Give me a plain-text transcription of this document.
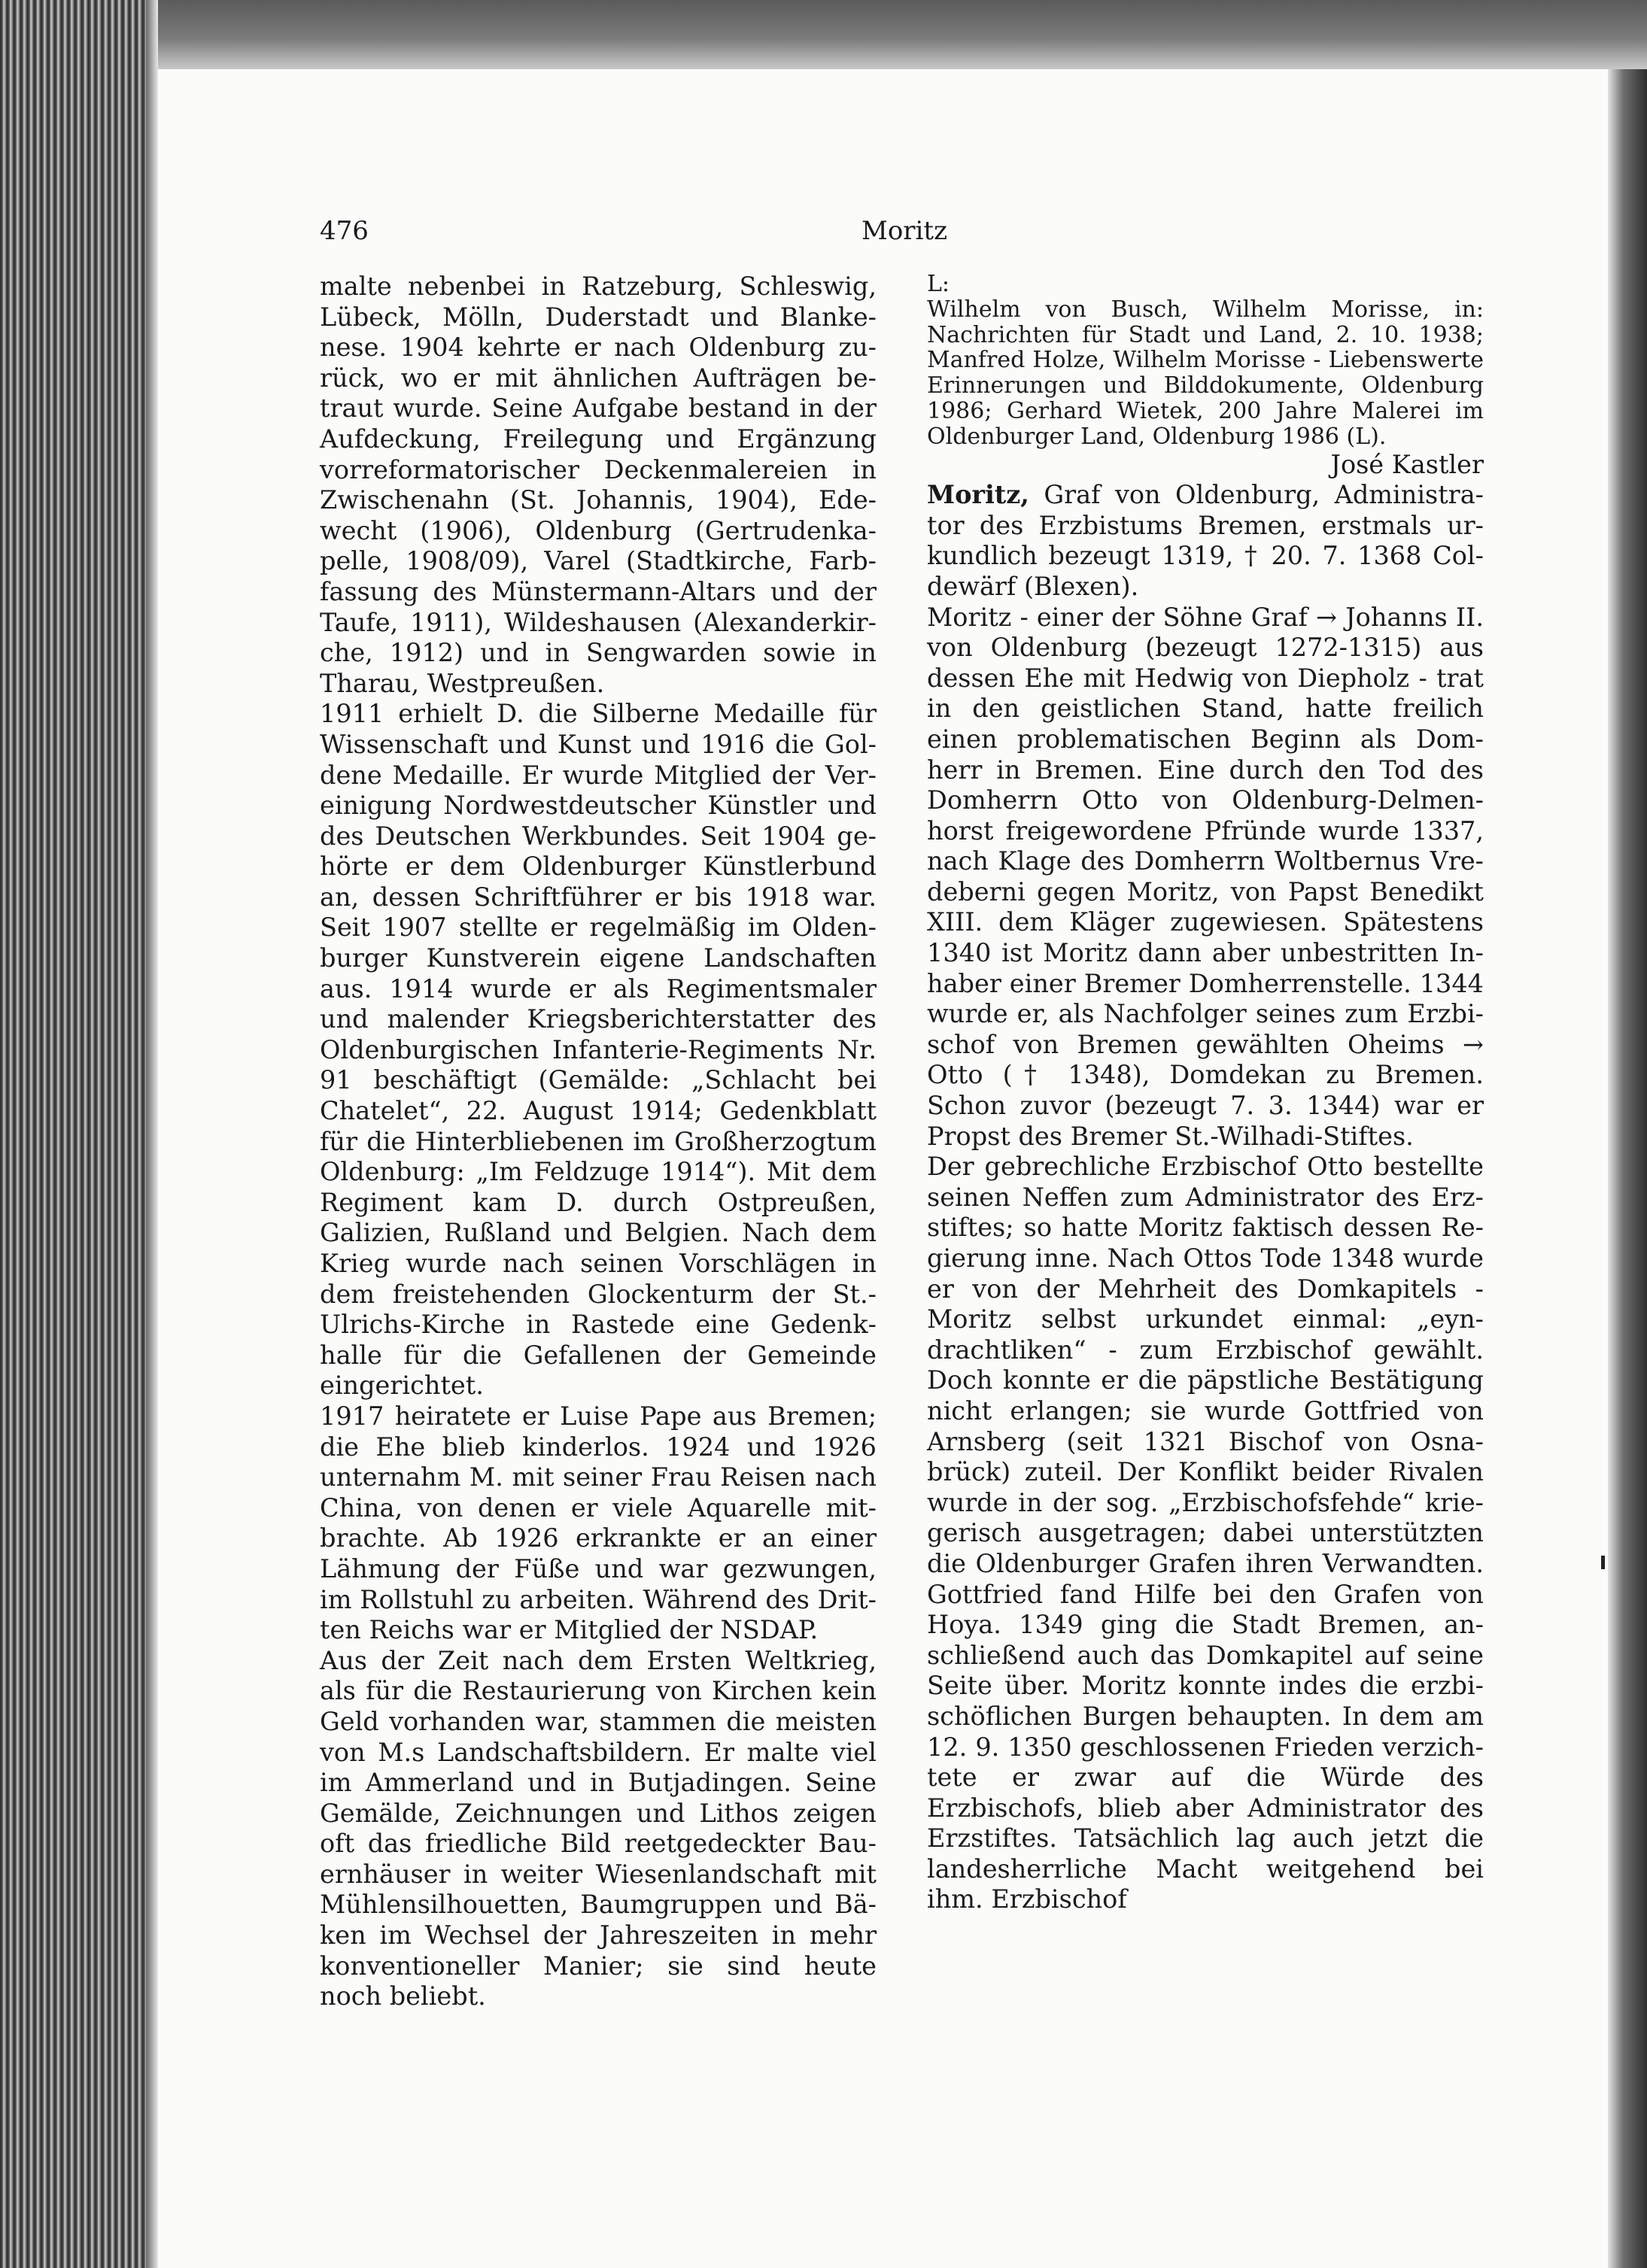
476	Moritz

malte nebenbei in Ratzeburg, Schleswig, Lübeck, Mölln, Duderstadt und Blankenese. 1904 kehrte er nach Oldenburg zurück, wo er mit ähnlichen Aufträgen betraut wurde. Seine Aufgabe bestand in der Aufdeckung, Freilegung und Ergänzung vorreformatorischer Deckenmalereien in Zwischenahn (St. Johannis, 1904), Edewecht (1906), Oldenburg (Gertrudenkapelle, 1908/09), Varel (Stadtkirche, Farbfassung des Münstermann-Altars und der Taufe, 1911), Wildeshausen (Alexanderkirche, 1912) und in Sengwarden sowie in Tharau, Westpreußen.

1911 erhielt D. die Silberne Medaille für Wissenschaft und Kunst und 1916 die Goldene Medaille. Er wurde Mitglied der Vereinigung Nordwestdeutscher Künstler und des Deutschen Werkbundes. Seit 1904 gehörte er dem Oldenburger Künstlerbund an, dessen Schriftführer er bis 1918 war. Seit 1907 stellte er regelmäßig im Oldenburger Kunstverein eigene Landschaften aus. 1914 wurde er als Regimentsmaler und malender Kriegsberichterstatter des Oldenburgischen Infanterie-Regiments Nr. 91 beschäftigt (Gemälde: „Schlacht bei Chatelet“, 22. August 1914; Gedenkblatt für die Hinterbliebenen im Großherzogtum Oldenburg: „Im Feldzuge 1914“). Mit dem Regiment kam D. durch Ostpreußen, Galizien, Rußland und Belgien. Nach dem Krieg wurde nach seinen Vorschlägen in dem freistehenden Glockenturm der St.-Ulrichs-Kirche in Rastede eine Gedenkhalle für die Gefallenen der Gemeinde eingerichtet.

1917 heiratete er Luise Pape aus Bremen; die Ehe blieb kinderlos. 1924 und 1926 unternahm M. mit seiner Frau Reisen nach China, von denen er viele Aquarelle mitbrachte. Ab 1926 erkrankte er an einer Lähmung der Füße und war gezwungen, im Rollstuhl zu arbeiten. Während des Dritten Reichs war er Mitglied der NSDAP.

Aus der Zeit nach dem Ersten Weltkrieg, als für die Restaurierung von Kirchen kein Geld vorhanden war, stammen die meisten von M.s Landschaftsbildern. Er malte viel im Ammerland und in Butjadingen. Seine Gemälde, Zeichnungen und Lithos zeigen oft das friedliche Bild reetgedeckter Bauernhäuser in weiter Wiesenlandschaft mit Mühlensilhouetten, Baumgruppen und Bäken im Wechsel der Jahreszeiten in mehr konventioneller Manier; sie sind heute noch beliebt.

L:

Wilhelm von Busch, Wilhelm Morisse, in: Nachrichten für Stadt und Land, 2. 10. 1938; Manfred Holze, Wilhelm Morisse - Liebenswerte Erinnerungen und Bilddokumente, Oldenburg 1986; Gerhard Wietek, 200 Jahre Malerei im Oldenburger Land, Oldenburg 1986 (L).

José Kastler

Moritz, Graf von Oldenburg, Administrator des Erzbistums Bremen, erstmals urkundlich bezeugt 1319, † 20. 7. 1368 Coldewärf (Blexen).

Moritz - einer der Söhne Graf → Johanns II. von Oldenburg (bezeugt 1272-1315) aus dessen Ehe mit Hedwig von Diepholz - trat in den geistlichen Stand, hatte freilich einen problematischen Beginn als Domherr in Bremen. Eine durch den Tod des Domherrn Otto von Oldenburg-Delmenhorst freigewordene Pfründe wurde 1337, nach Klage des Domherrn Woltbernus Vredeberni gegen Moritz, von Papst Benedikt XIII. dem Kläger zugewiesen. Spätestens 1340 ist Moritz dann aber unbestritten Inhaber einer Bremer Domherrenstelle. 1344 wurde er, als Nachfolger seines zum Erzbischof von Bremen gewählten Oheims → Otto († 1348), Domdekan zu Bremen. Schon zuvor (bezeugt 7. 3. 1344) war er Propst des Bremer St.-Wilhadi-Stiftes.

Der gebrechliche Erzbischof Otto bestellte seinen Neffen zum Administrator des Erzstiftes; so hatte Moritz faktisch dessen Regierung inne. Nach Ottos Tode 1348 wurde er von der Mehrheit des Domkapitels - Moritz selbst urkundet einmal: „eyndrachtliken“ - zum Erzbischof gewählt. Doch konnte er die päpstliche Bestätigung nicht erlangen; sie wurde Gottfried von Arnsberg (seit 1321 Bischof von Osnabrück) zuteil. Der Konflikt beider Rivalen wurde in der sog. „Erzbischofsfehde“ kriegerisch ausgetragen; dabei unterstützten die Oldenburger Grafen ihren Verwandten. Gottfried fand Hilfe bei den Grafen von Hoya. 1349 ging die Stadt Bremen, anschließend auch das Domkapitel auf seine Seite über. Moritz konnte indes die erzbischöflichen Burgen behaupten. In dem am 12. 9. 1350 geschlossenen Frieden verzichtete er zwar auf die Würde des Erzbischofs, blieb aber Administrator des Erzstiftes. Tatsächlich lag auch jetzt die landesherrliche Macht weitgehend bei ihm. Erzbischof
